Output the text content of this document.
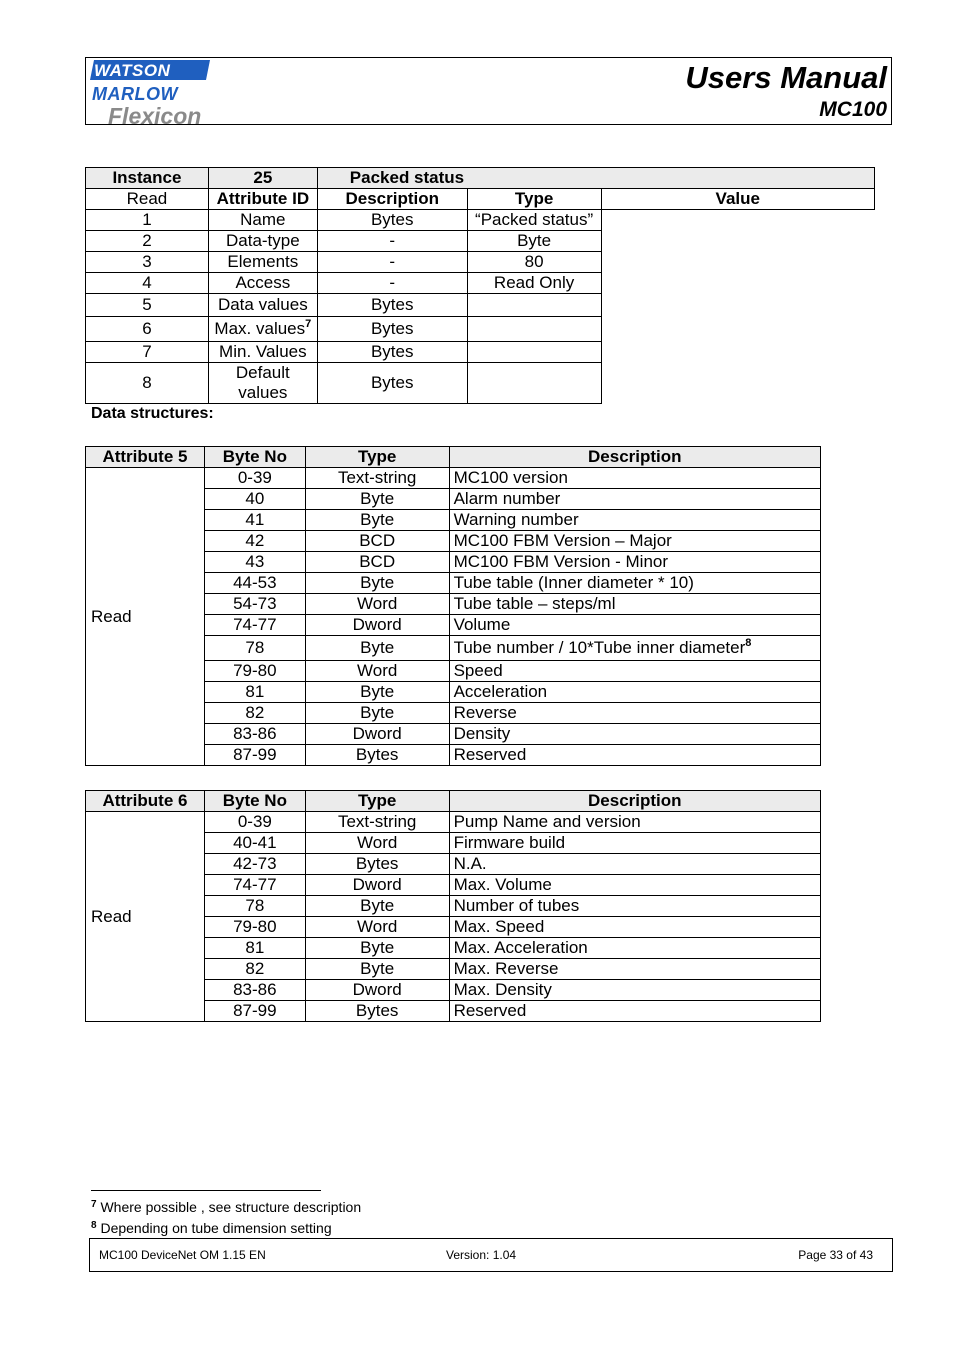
WATSON
MARLOW
Flexicon
Users Manual
MC100
Instance	25	Packed status		
Read	Attribute ID	Description	Type	Value
1	Name	Bytes	“Packed status”	
2	Data-type	-	Byte	
3	Elements	-	80	
4	Access	-	Read Only	
5	Data values	Bytes		
6	Max. values$^7$	Bytes		
7	Min. Values	Bytes		
8	Default values	Bytes		
Data structures:
Attribute 5	Byte No	Type	Description
Read	0-39	Text-string	MC100 version
	40	Byte	Alarm number
	41	Byte	Warning number
	42	BCD	MC100 FBM Version – Major
	43	BCD	MC100 FBM Version - Minor
	44-53	Byte	Tube table (Inner diameter * 10)
	54-73	Word	Tube table – steps/ml
	74-77	Dword	Volume
	78	Byte	Tube number / 10*Tube inner diameter$^8$
	79-80	Word	Speed
	81	Byte	Acceleration
	82	Byte	Reverse
	83-86	Dword	Density
	87-99	Bytes	Reserved
Attribute 6	Byte No	Type	Description
Read	0-39	Text-string	Pump Name and version
	40-41	Word	Firmware build
	42-73	Bytes	N.A.
	74-77	Dword	Max. Volume
	78	Byte	Number of tubes
	79-80	Word	Max. Speed
	81	Byte	Max. Acceleration
	82	Byte	Max. Reverse
	83-86	Dword	Max. Density
	87-99	Bytes	Reserved
$^7$ Where possible , see structure description
$^8$ Depending on tube dimension setting
MC100 DeviceNet OM 1.15 EN	Version: 1.04	Page 33 of 43
